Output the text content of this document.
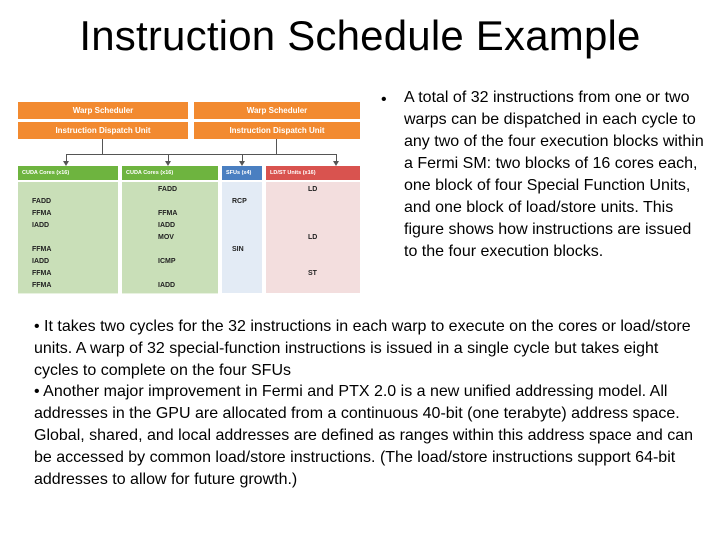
Instruction Schedule Example
Warp Scheduler	Warp Scheduler
Instruction Dispatch Unit	Instruction Dispatch Unit
CUDA Cores (x16)	CUDA Cores (x16)	SFUs (x4)	LD/ST Units (x16)
FADD
FFMA
IADD
FFMA
IADD
FFMA
FFMA
FADD
FFMA
IADD
MOV
ICMP
IADD
RCP
SIN
LD
LD
ST
• A total of 32 instructions from one or two warps can be dispatched in each cycle to any two of the four execution blocks within a Fermi SM: two blocks of 16 cores each, one block of four Special Function Units, and one block of load/store units. This figure shows how instructions are issued to the four execution blocks.
• It takes two cycles for the 32 instructions in each warp to execute on the cores or load/store units. A warp of 32 special-function instructions is issued in a single cycle but takes eight cycles to complete on the four SFUs
• Another major improvement in Fermi and PTX 2.0 is a new unified addressing model. All addresses in the GPU are allocated from a continuous 40-bit (one terabyte) address space. Global, shared, and local addresses are defined as ranges within this address space and can be accessed by common load/store instructions. (The load/store instructions support 64-bit addresses to allow for future growth.)
